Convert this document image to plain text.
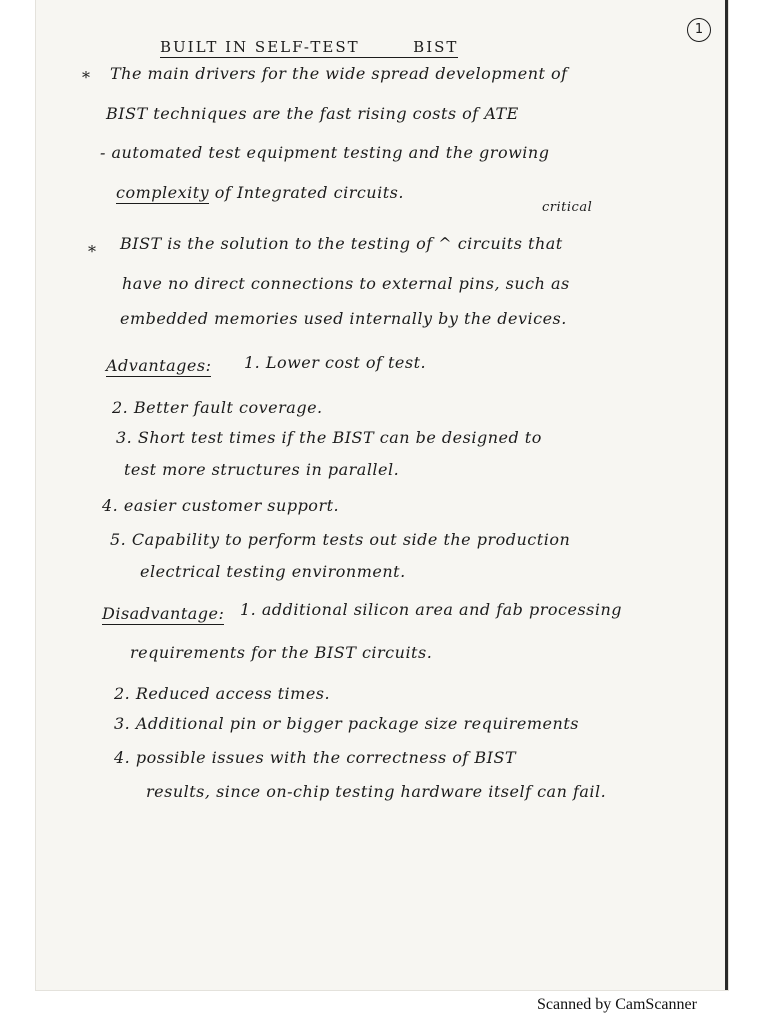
1
BUILT IN SELF-TEST	BIST
* The main drivers for the wide spread development of
BIST techniques are the fast rising costs of ATE
- automated test equipment testing and the growing
complexity of Integrated circuits.
critical
* BIST is the solution to the testing of ^ circuits that
have no direct connections to external pins, such as
embedded memories used internally by the devices.
Advantages: 1. Lower cost of test.
2. Better fault coverage.
3. Short test times if the BIST can be designed to
test more structures in parallel.
4. easier customer support.
5. Capability to perform tests out side the production
electrical testing environment.
Disadvantage: 1. additional silicon area and fab processing
requirements for the BIST circuits.
2. Reduced access times.
3. Additional pin or bigger package size requirements
4. possible issues with the correctness of BIST
results, since on-chip testing hardware itself can fail.
Scanned by CamScanner
